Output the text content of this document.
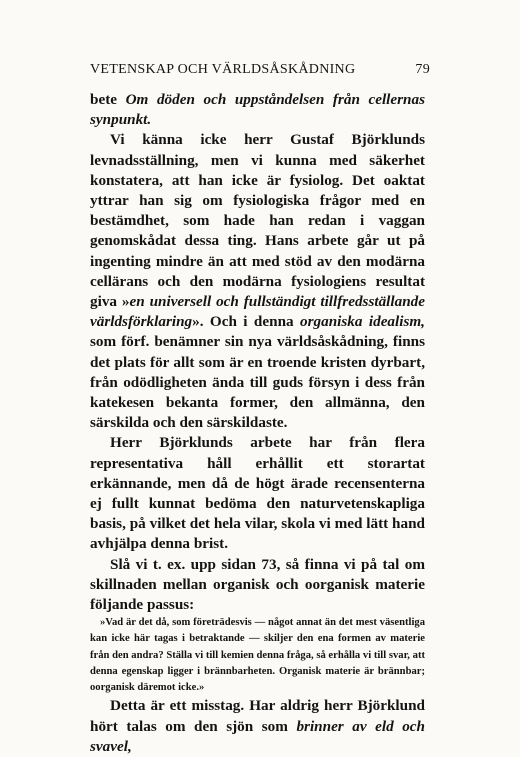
VETENSKAP OCH VÄRLDSÅSKÅDNING	79

bete Om döden och uppståndelsen från cellernas synpunkt.

Vi känna icke herr Gustaf Björklunds levnadsställning, men vi kunna med säkerhet konstatera, att han icke är fysiolog. Det oaktat yttrar han sig om fysiologiska frågor med en bestämdhet, som hade han redan i vaggan genomskådat dessa ting. Hans arbete går ut på ingenting mindre än att med stöd av den modärna cellärans och den modärna fysiologiens resultat giva »en universell och fullständigt tillfredsställande världsförklaring». Och i denna organiska idealism, som förf. benämner sin nya världsåskådning, finns det plats för allt som är en troende kristen dyrbart, från odödligheten ända till guds försyn i dess från katekesen bekanta former, den allmänna, den särskilda och den särskildaste.

Herr Björklunds arbete har från flera representativa håll erhållit ett storartat erkännande, men då de högt ärade recensenterna ej fullt kunnat bedöma den naturvetenskapliga basis, på vilket det hela vilar, skola vi med lätt hand avhjälpa denna brist.

Slå vi t. ex. upp sidan 73, så finna vi på tal om skillnaden mellan organisk och oorganisk materie följande passus:

»Vad är det då, som företrädesvis — något annat än det mest väsentliga kan icke här tagas i betraktande — skiljer den ena formen av materie från den andra? Ställa vi till kemien denna fråga, så erhålla vi till svar, att denna egenskap ligger i brännbarheten. Organisk materie är brännbar; oorganisk däremot icke.»

Detta är ett misstag. Har aldrig herr Björklund hört talas om den sjön som brinner av eld och svavel,
